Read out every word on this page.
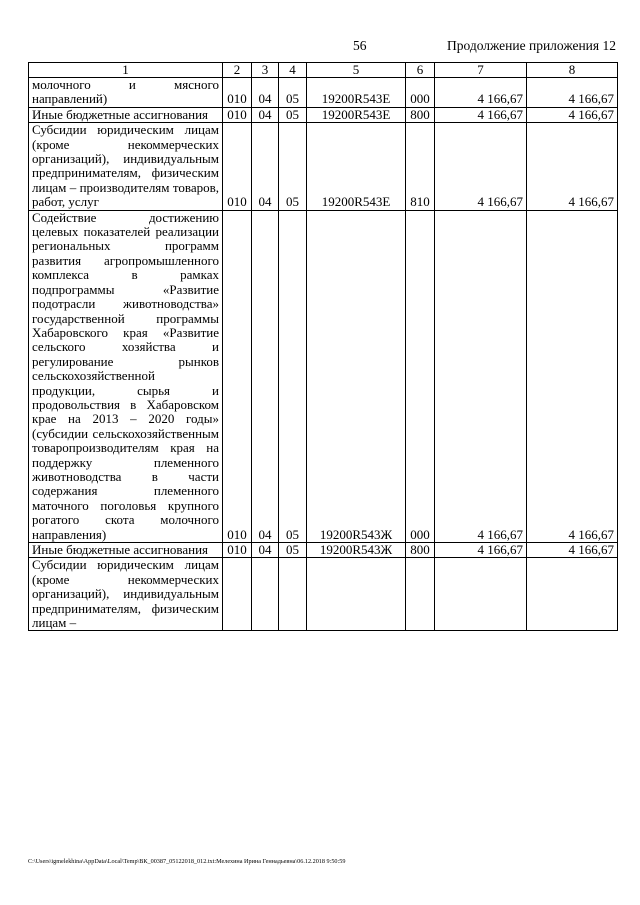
56	Продолжение приложения 12
1	2	3	4	5	6	7	8
молочного и мясного направлений)	010	04	05	19200R543Е	000	4 166,67	4 166,67
Иные бюджетные ассигнования	010	04	05	19200R543Е	800	4 166,67	4 166,67
Субсидии юридическим лицам (кроме некоммерческих организаций), индивидуальным предпринимателям, физическим лицам – производителям товаров, работ, услуг	010	04	05	19200R543Е	810	4 166,67	4 166,67
Содействие достижению целевых показателей реализации региональных программ развития агропромышленного комплекса в рамках подпрограммы «Развитие подотрасли животноводства» государственной программы Хабаровского края «Развитие сельского хозяйства и регулирование рынков сельскохозяйственной продукции, сырья и продовольствия в Хабаровском крае на 2013 – 2020 годы» (субсидии сельскохозяйственным товаропроизводителям края на поддержку племенного животноводства в части содержания племенного маточного поголовья крупного рогатого скота молочного направления)	010	04	05	19200R543Ж	000	4 166,67	4 166,67
Иные бюджетные ассигнования	010	04	05	19200R543Ж	800	4 166,67	4 166,67
Субсидии юридическим лицам (кроме некоммерческих организаций), индивидуальным предпринимателям, физическим лицам –							
C:\Users\igmelekhina\AppData\Local\Temp\ВК_00387_05122018_012.txt:Мелехина Ирина Геннадьевна\06.12.2018 9:50:59
